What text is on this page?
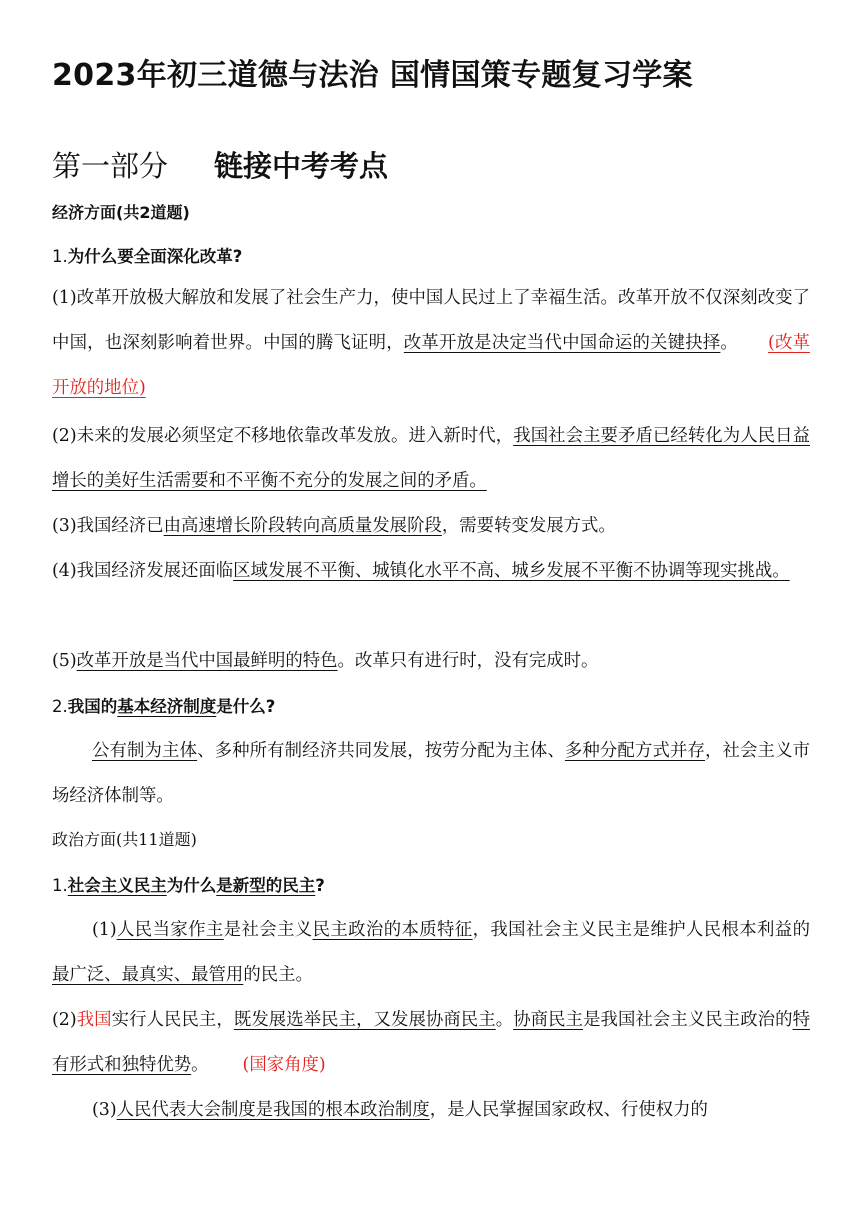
2023年初三道德与法治 国情国策专题复习学案
第一部分 链接中考考点

经济方面(共2道题)

1.为什么要全面深化改革?

(1)改革开放极大解放和发展了社会生产力，使中国人民过上了幸福生活。改革开放不仅深刻改变了中国，也深刻影响着世界。中国的腾飞证明，改革开放是决定当代中国命运的关键抉择。 (改革开放的地位)

(2)未来的发展必须坚定不移地依靠改革发放。进入新时代，我国社会主要矛盾已经转化为人民日益增长的美好生活需要和不平衡不充分的发展之间的矛盾。

(3)我国经济已由高速增长阶段转向高质量发展阶段，需要转变发展方式。

(4)我国经济发展还面临区域发展不平衡、城镇化水平不高、城乡发展不平衡不协调等现实挑战。

(5)改革开放是当代中国最鲜明的特色。改革只有进行时，没有完成时。

2.我国的基本经济制度是什么?

公有制为主体、多种所有制经济共同发展，按劳分配为主体、多种分配方式并存，社会主义市场经济体制等。

政治方面(共11道题)

1.社会主义民主为什么是新型的民主?

(1)人民当家作主是社会主义民主政治的本质特征，我国社会主义民主是维护人民根本利益的最广泛、最真实、最管用的民主。

(2)我国实行人民民主，既发展选举民主，又发展协商民主。协商民主是我国社会主义民主政治的特有形式和独特优势。 (国家角度)

(3)人民代表大会制度是我国的根本政治制度，是人民掌握国家政权、行使权力的
